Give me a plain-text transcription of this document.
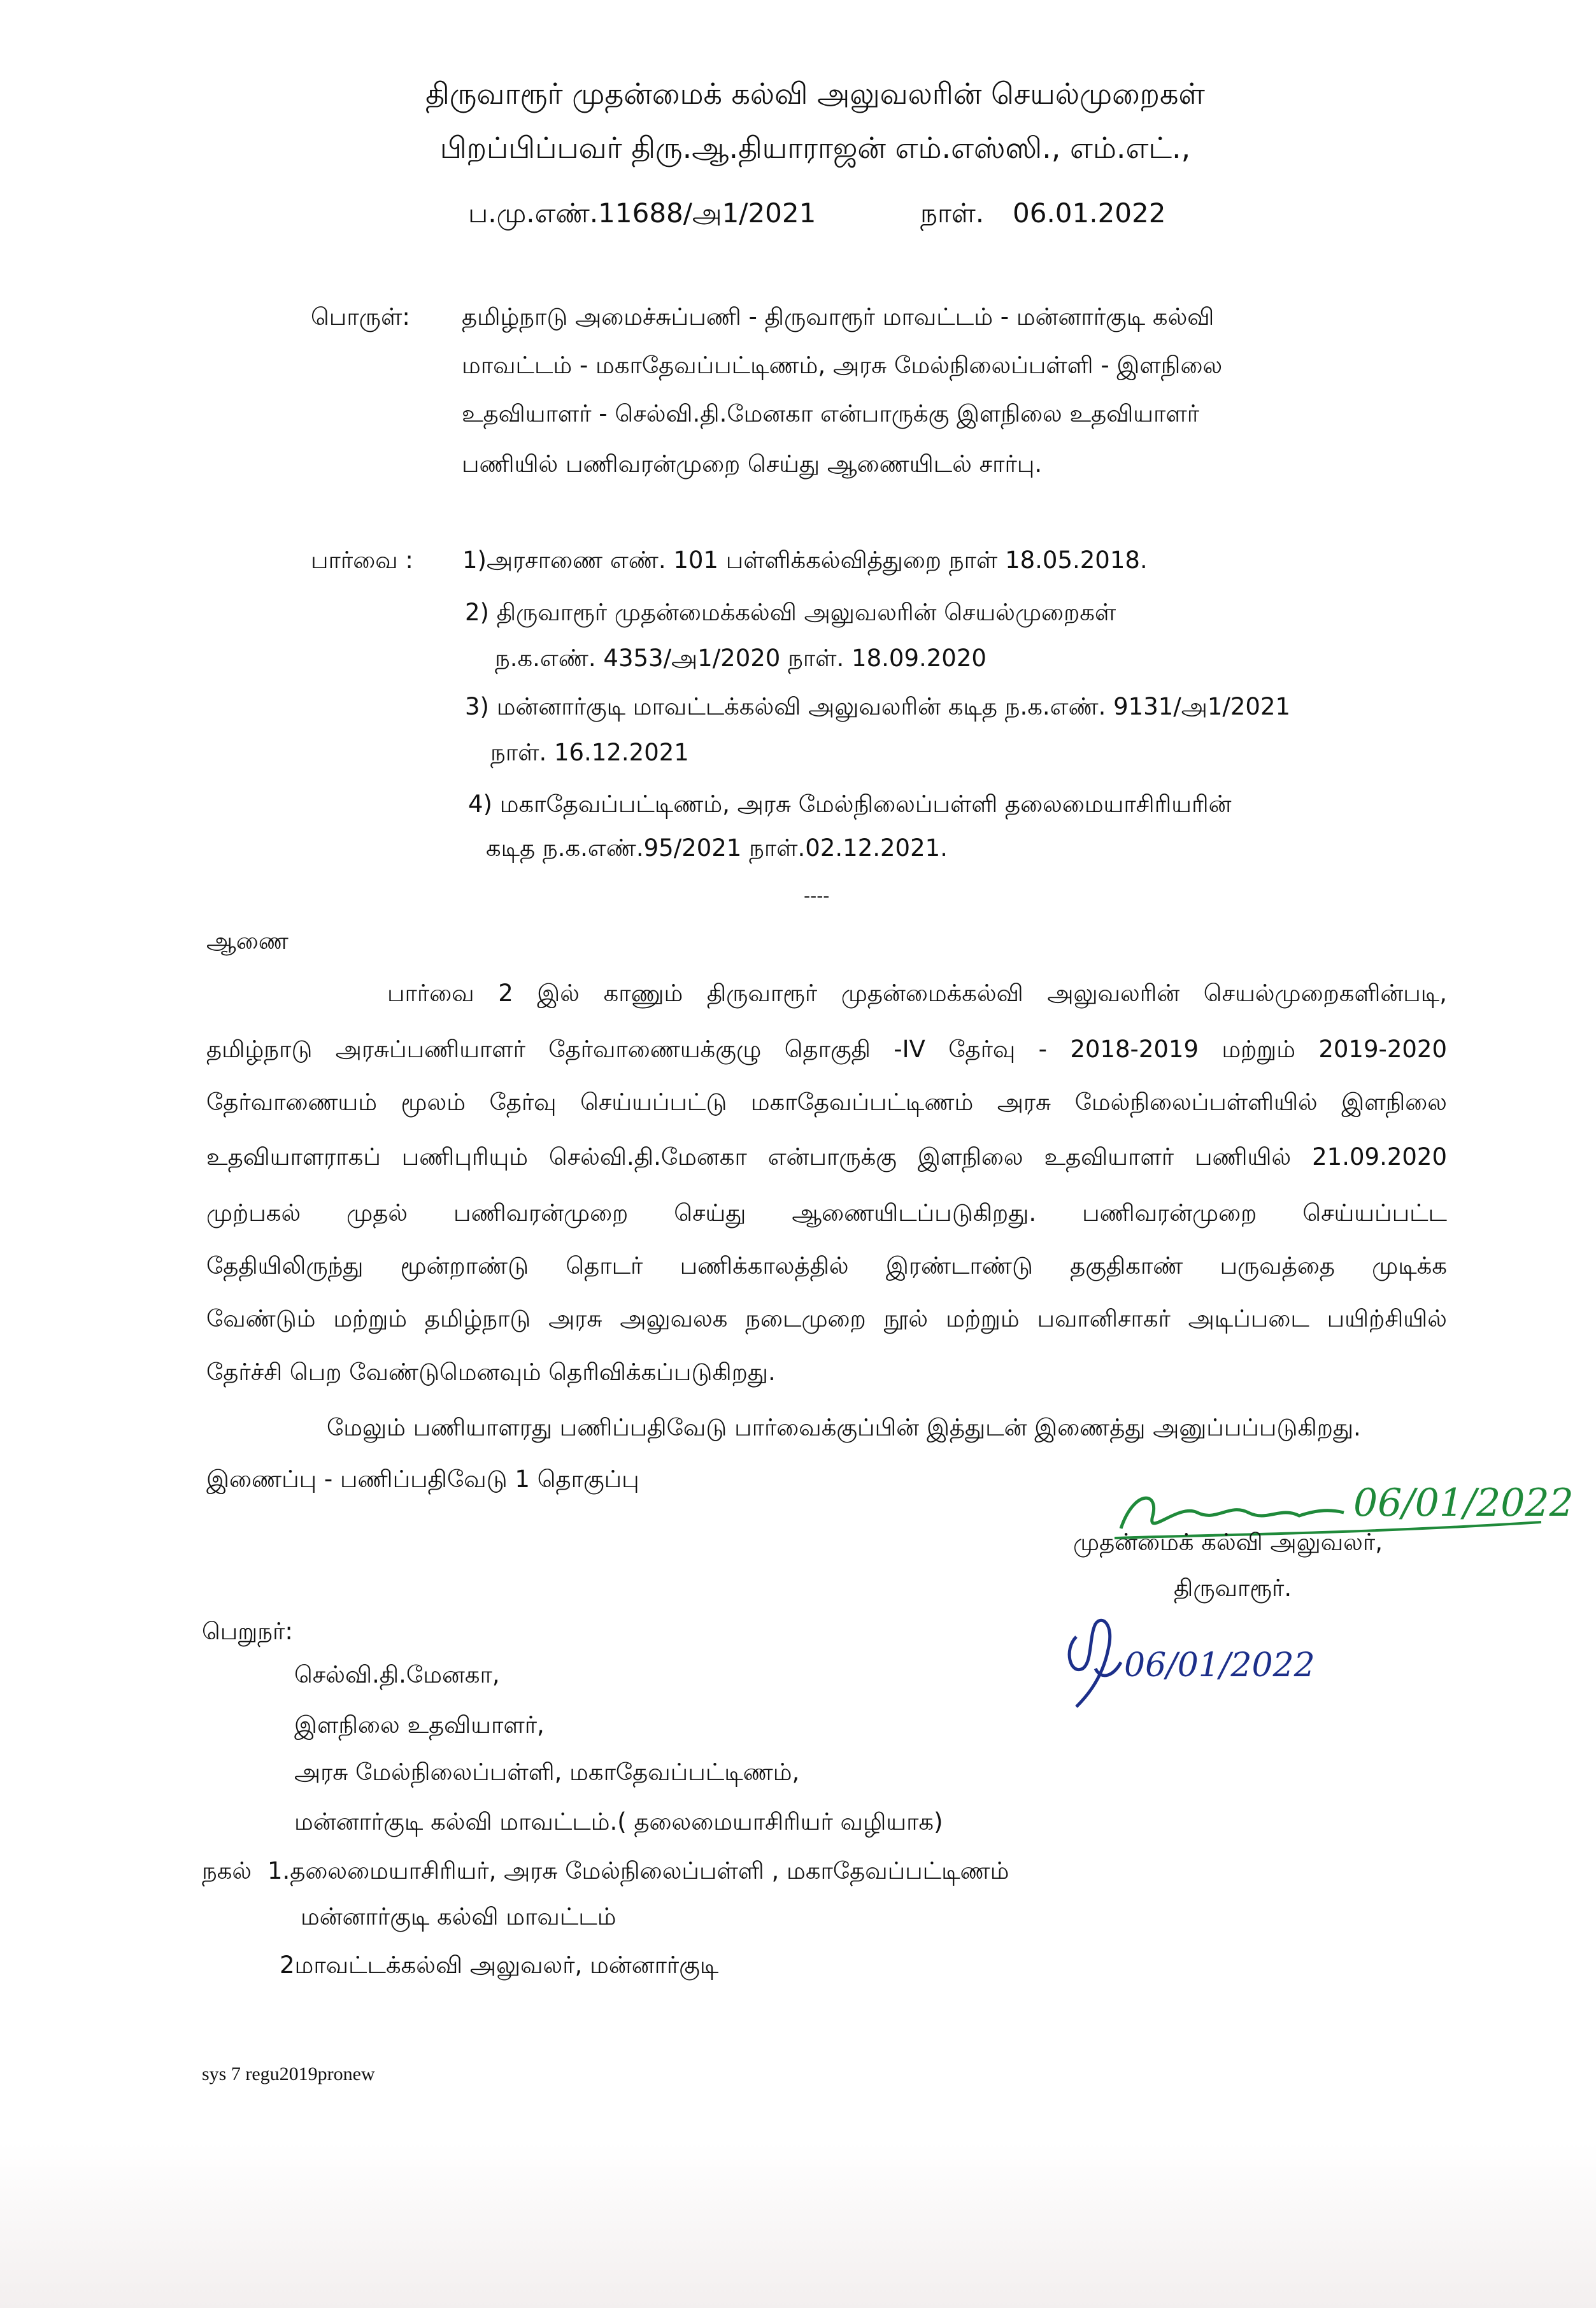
திருவாரூர் முதன்மைக் கல்வி அலுவலரின் செயல்முறைகள்
பிறப்பிப்பவர் திரு.ஆ.தியாராஜன் எம்.எஸ்ஸி., எம்.எட்.,
ப.மு.எண்.11688/அ1/2021	நாள். 06.01.2022
பொருள்: தமிழ்நாடு அமைச்சுப்பணி - திருவாரூர் மாவட்டம் - மன்னார்குடி கல்வி
மாவட்டம் - மகாதேவப்பட்டிணம், அரசு மேல்நிலைப்பள்ளி - இளநிலை
உதவியாளர் - செல்வி.தி.மேனகா என்பாருக்கு இளநிலை உதவியாளர்
பணியில் பணிவரன்முறை செய்து ஆணையிடல் சார்பு.
பார்வை : 1)அரசாணை எண். 101 பள்ளிக்கல்வித்துறை நாள் 18.05.2018.
2) திருவாரூர் முதன்மைக்கல்வி அலுவலரின் செயல்முறைகள்
ந.க.எண். 4353/அ1/2020 நாள். 18.09.2020
3) மன்னார்குடி மாவட்டக்கல்வி அலுவலரின் கடித ந.க.எண். 9131/அ1/2021
நாள். 16.12.2021
4) மகாதேவப்பட்டிணம், அரசு மேல்நிலைப்பள்ளி தலைமையாசிரியரின்
கடித ந.க.எண்.95/2021 நாள்.02.12.2021.
----
ஆணை
பார்வை 2 இல் காணும் திருவாரூர் முதன்மைக்கல்வி அலுவலரின் செயல்முறைகளின்படி,
தமிழ்நாடு அரசுப்பணியாளர் தேர்வாணையக்குழு தொகுதி -IV தேர்வு - 2018-2019 மற்றும் 2019-2020
தேர்வாணையம் மூலம் தேர்வு செய்யப்பட்டு மகாதேவப்பட்டிணம் அரசு மேல்நிலைப்பள்ளியில் இளநிலை
உதவியாளராகப் பணிபுரியும் செல்வி.தி.மேனகா என்பாருக்கு இளநிலை உதவியாளர் பணியில் 21.09.2020
முற்பகல் முதல் பணிவரன்முறை செய்து ஆணையிடப்படுகிறது. பணிவரன்முறை செய்யப்பட்ட
தேதியிலிருந்து மூன்றாண்டு தொடர் பணிக்காலத்தில் இரண்டாண்டு தகுதிகாண் பருவத்தை முடிக்க
வேண்டும் மற்றும் தமிழ்நாடு அரசு அலுவலக நடைமுறை நூல் மற்றும் பவானிசாகர் அடிப்படை பயிற்சியில்
தேர்ச்சி பெற வேண்டுமெனவும் தெரிவிக்கப்படுகிறது.
மேலும் பணியாளரது பணிப்பதிவேடு பார்வைக்குப்பின் இத்துடன் இணைத்து அனுப்பப்படுகிறது.
இணைப்பு - பணிப்பதிவேடு 1 தொகுப்பு
06/01/2022
முதன்மைக் கல்வி அலுவலர்,
திருவாரூர்.
06/01/2022
பெறுநர்:
செல்வி.தி.மேனகா,
இளநிலை உதவியாளர்,
அரசு மேல்நிலைப்பள்ளி, மகாதேவப்பட்டிணம்,
மன்னார்குடி கல்வி மாவட்டம்.( தலைமையாசிரியர் வழியாக)
நகல் 1.தலைமையாசிரியர், அரசு மேல்நிலைப்பள்ளி , மகாதேவப்பட்டிணம்
மன்னார்குடி கல்வி மாவட்டம்
2மாவட்டக்கல்வி அலுவலர், மன்னார்குடி
sys 7 regu2019pronew
